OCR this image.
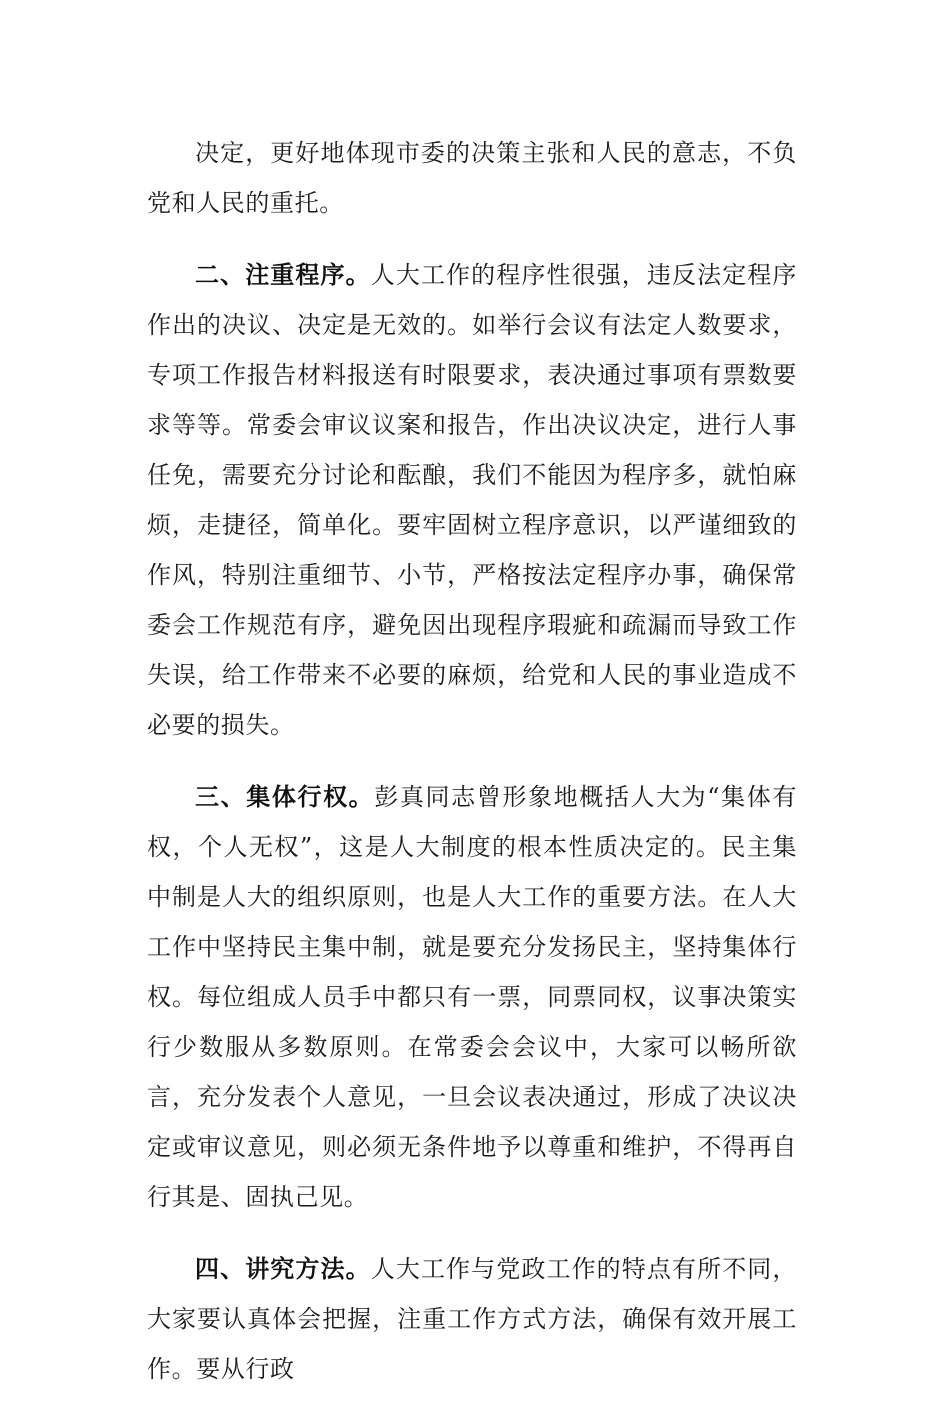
决定，更好地体现市委的决策主张和人民的意志，不负党和人民的重托。

二、注重程序。人大工作的程序性很强，违反法定程序作出的决议、决定是无效的。如举行会议有法定人数要求，专项工作报告材料报送有时限要求，表决通过事项有票数要求等等。常委会审议议案和报告，作出决议决定，进行人事任免，需要充分讨论和酝酿，我们不能因为程序多，就怕麻烦，走捷径，简单化。要牢固树立程序意识，以严谨细致的作风，特别注重细节、小节，严格按法定程序办事，确保常委会工作规范有序，避免因出现程序瑕疵和疏漏而导致工作失误，给工作带来不必要的麻烦，给党和人民的事业造成不必要的损失。

三、集体行权。彭真同志曾形象地概括人大为“集体有权，个人无权”，这是人大制度的根本性质决定的。民主集中制是人大的组织原则，也是人大工作的重要方法。在人大工作中坚持民主集中制，就是要充分发扬民主，坚持集体行权。每位组成人员手中都只有一票，同票同权，议事决策实行少数服从多数原则。在常委会会议中，大家可以畅所欲言，充分发表个人意见，一旦会议表决通过，形成了决议决定或审议意见，则必须无条件地予以尊重和维护，不得再自行其是、固执己见。

四、讲究方法。人大工作与党政工作的特点有所不同，大家要认真体会把握，注重工作方式方法，确保有效开展工作。要从行政
